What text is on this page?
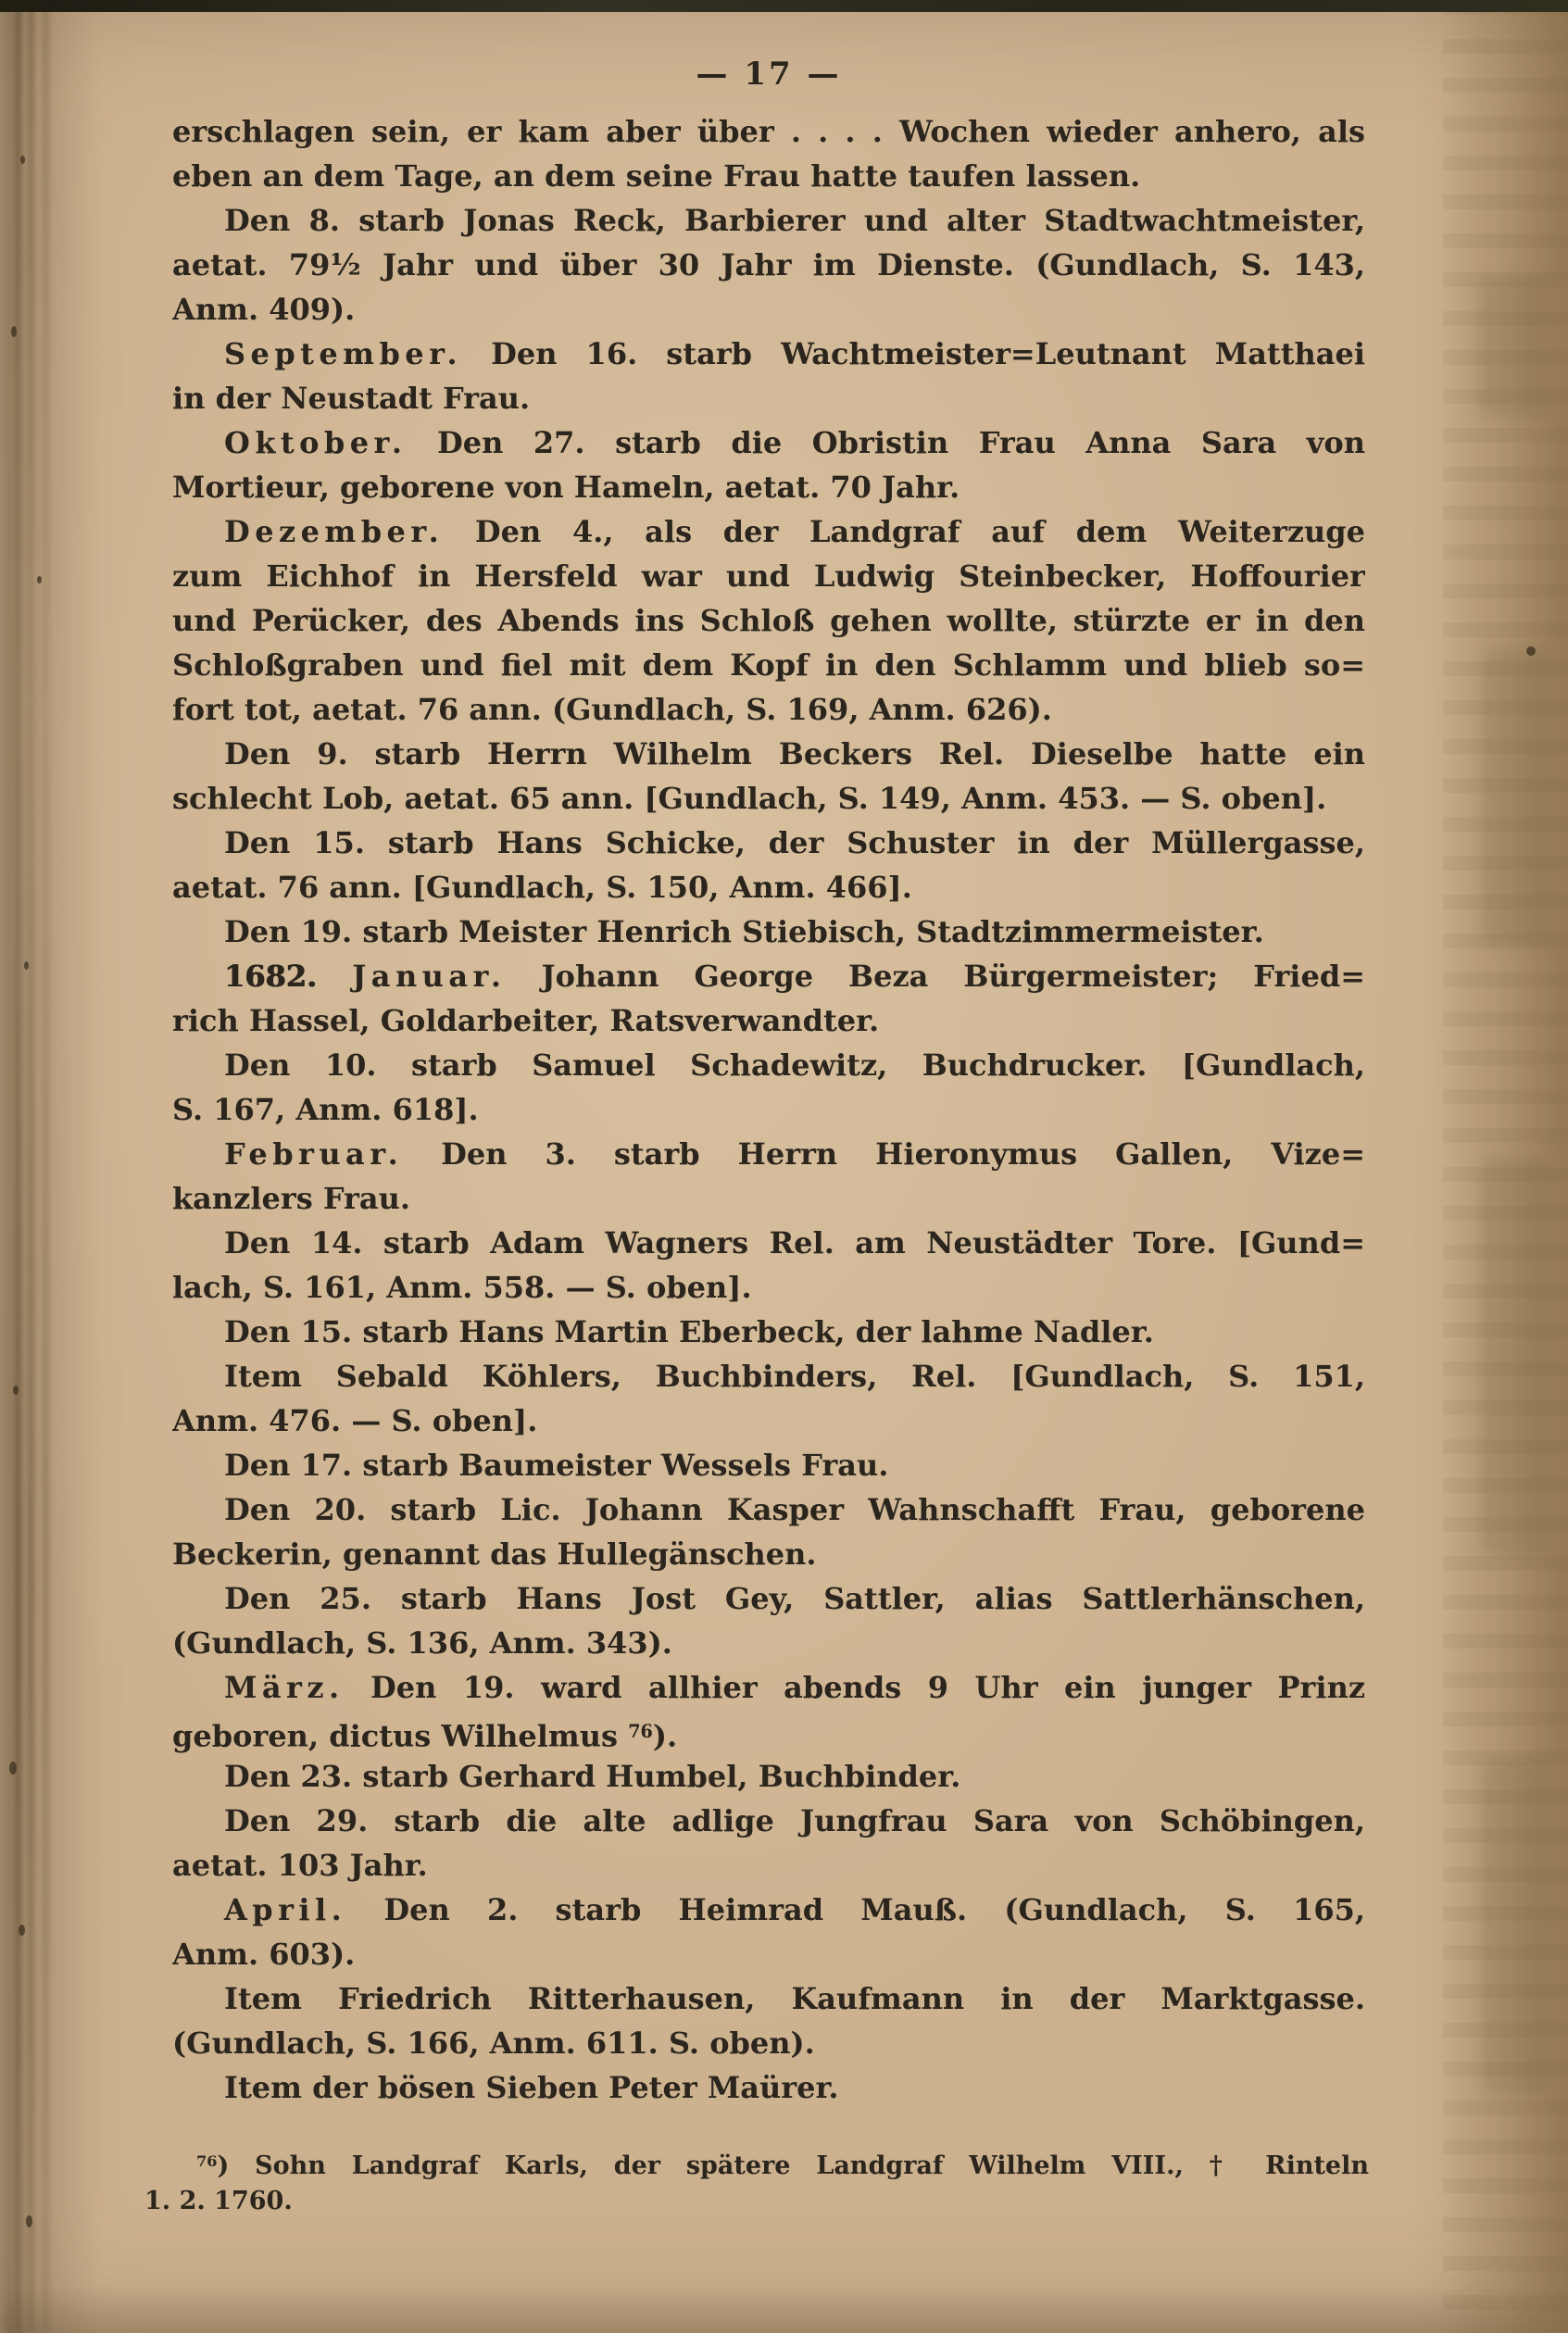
— 17 —
erschlagen sein, er kam aber über . . . . Wochen wieder anhero, als
eben an dem Tage, an dem seine Frau hatte taufen lassen.
Den 8. starb Jonas Reck, Barbierer und alter Stadtwachtmeister,
aetat. 79½ Jahr und über 30 Jahr im Dienste. (Gundlach, S. 143,
Anm. 409).
September. Den 16. starb Wachtmeister=Leutnant Matthaei
in der Neustadt Frau.
Oktober. Den 27. starb die Obristin Frau Anna Sara von
Mortieur, geborene von Hameln, aetat. 70 Jahr.
Dezember. Den 4., als der Landgraf auf dem Weiterzuge
zum Eichhof in Hersfeld war und Ludwig Steinbecker, Hoffourier
und Perücker, des Abends ins Schloß gehen wollte, stürzte er in den
Schloßgraben und fiel mit dem Kopf in den Schlamm und blieb so=
fort tot, aetat. 76 ann. (Gundlach, S. 169, Anm. 626).
Den 9. starb Herrn Wilhelm Beckers Rel. Dieselbe hatte ein
schlecht Lob, aetat. 65 ann. [Gundlach, S. 149, Anm. 453. — S. oben].
Den 15. starb Hans Schicke, der Schuster in der Müllergasse,
aetat. 76 ann. [Gundlach, S. 150, Anm. 466].
Den 19. starb Meister Henrich Stiebisch, Stadtzimmermeister.
1682. Januar. Johann George Beza Bürgermeister; Fried=
rich Hassel, Goldarbeiter, Ratsverwandter.
Den 10. starb Samuel Schadewitz, Buchdrucker. [Gundlach,
S. 167, Anm. 618].
Februar. Den 3. starb Herrn Hieronymus Gallen, Vize=
kanzlers Frau.
Den 14. starb Adam Wagners Rel. am Neustädter Tore. [Gund=
lach, S. 161, Anm. 558. — S. oben].
Den 15. starb Hans Martin Eberbeck, der lahme Nadler.
Item Sebald Köhlers, Buchbinders, Rel. [Gundlach, S. 151,
Anm. 476. — S. oben].
Den 17. starb Baumeister Wessels Frau.
Den 20. starb Lic. Johann Kasper Wahnschafft Frau, geborene
Beckerin, genannt das Hullegänschen.
Den 25. starb Hans Jost Gey, Sattler, alias Sattlerhänschen,
(Gundlach, S. 136, Anm. 343).
März. Den 19. ward allhier abends 9 Uhr ein junger Prinz
geboren, dictus Wilhelmus $^{76}$).
Den 23. starb Gerhard Humbel, Buchbinder.
Den 29. starb die alte adlige Jungfrau Sara von Schöbingen,
aetat. 103 Jahr.
April. Den 2. starb Heimrad Mauß. (Gundlach, S. 165,
Anm. 603).
Item Friedrich Ritterhausen, Kaufmann in der Marktgasse.
(Gundlach, S. 166, Anm. 611. S. oben).
Item der bösen Sieben Peter Maürer.
$^{76}$) Sohn Landgraf Karls, der spätere Landgraf Wilhelm VIII., † Rinteln
1. 2. 1760.
